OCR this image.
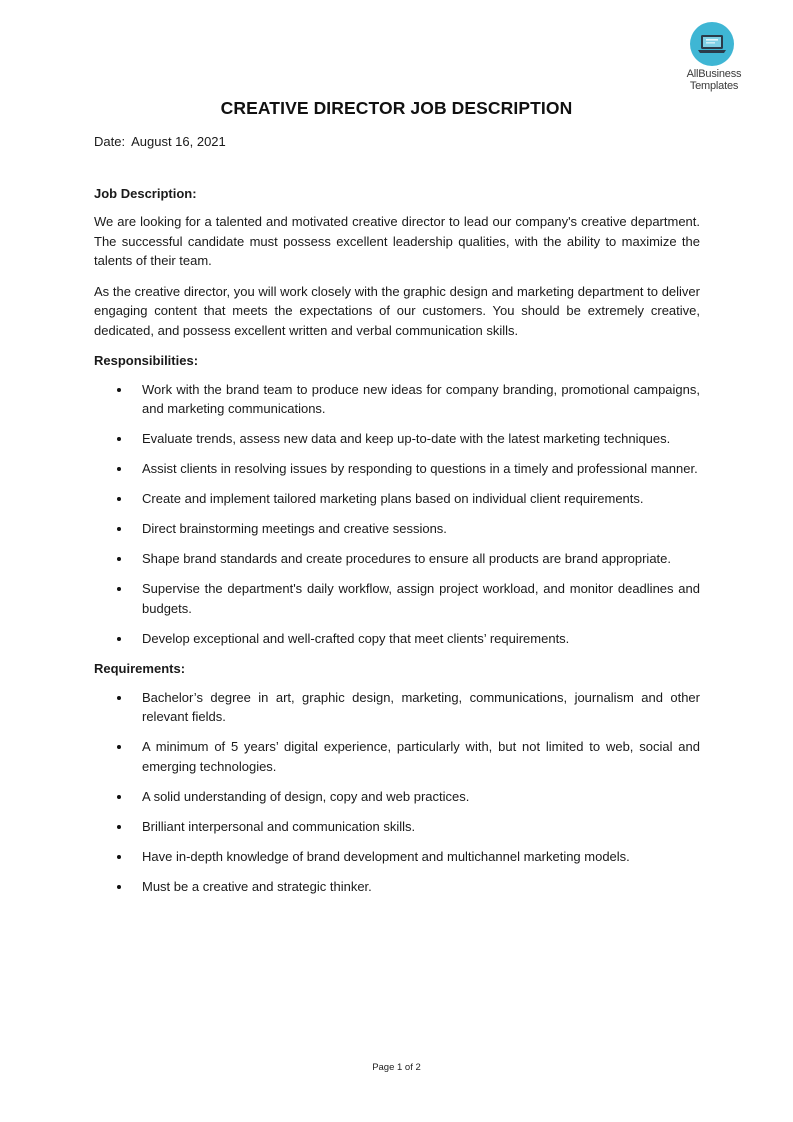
AllBusiness
Templates
CREATIVE DIRECTOR JOB DESCRIPTION

Date: August 16, 2021

Job Description:

We are looking for a talented and motivated creative director to lead our company's creative department. The successful candidate must possess excellent leadership qualities, with the ability to maximize the talents of their team.

As the creative director, you will work closely with the graphic design and marketing department to deliver engaging content that meets the expectations of our customers. You should be extremely creative, dedicated, and possess excellent written and verbal communication skills.

Responsibilities:

Work with the brand team to produce new ideas for company branding, promotional campaigns, and marketing communications.
Evaluate trends, assess new data and keep up-to-date with the latest marketing techniques.
Assist clients in resolving issues by responding to questions in a timely and professional manner.
Create and implement tailored marketing plans based on individual client requirements.
Direct brainstorming meetings and creative sessions.
Shape brand standards and create procedures to ensure all products are brand appropriate.
Supervise the department's daily workflow, assign project workload, and monitor deadlines and budgets.
Develop exceptional and well-crafted copy that meet clients’ requirements.

Requirements:

Bachelor’s degree in art, graphic design, marketing, communications, journalism and other relevant fields.
A minimum of 5 years’ digital experience, particularly with, but not limited to web, social and emerging technologies.
A solid understanding of design, copy and web practices.
Brilliant interpersonal and communication skills.
Have in-depth knowledge of brand development and multichannel marketing models.
Must be a creative and strategic thinker.
Page 1 of 2
